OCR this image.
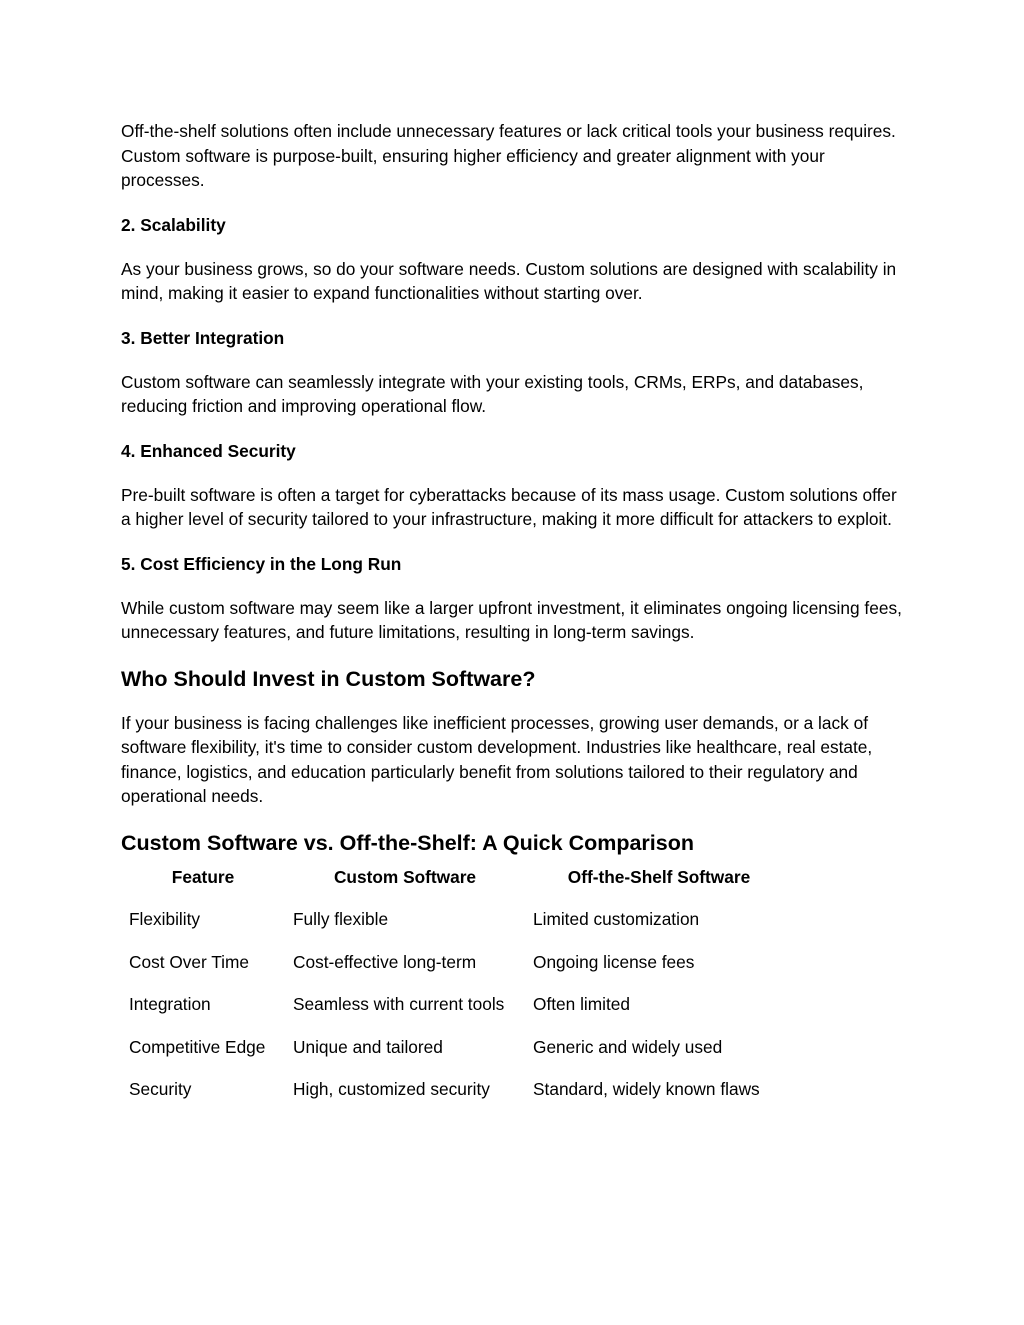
Off-the-shelf solutions often include unnecessary features or lack critical tools your business requires. Custom software is purpose-built, ensuring higher efficiency and greater alignment with your processes.

2. Scalability

As your business grows, so do your software needs. Custom solutions are designed with scalability in mind, making it easier to expand functionalities without starting over.

3. Better Integration

Custom software can seamlessly integrate with your existing tools, CRMs, ERPs, and databases, reducing friction and improving operational flow.

4. Enhanced Security

Pre-built software is often a target for cyberattacks because of its mass usage. Custom solutions offer a higher level of security tailored to your infrastructure, making it more difficult for attackers to exploit.

5. Cost Efficiency in the Long Run

While custom software may seem like a larger upfront investment, it eliminates ongoing licensing fees, unnecessary features, and future limitations, resulting in long-term savings.

Who Should Invest in Custom Software?

If your business is facing challenges like inefficient processes, growing user demands, or a lack of software flexibility, it's time to consider custom development. Industries like healthcare, real estate, finance, logistics, and education particularly benefit from solutions tailored to their regulatory and operational needs.

Custom Software vs. Off-the-Shelf: A Quick Comparison
Feature	Custom Software	Off-the-Shelf Software
Flexibility	Fully flexible	Limited customization
Cost Over Time	Cost-effective long-term	Ongoing license fees
Integration	Seamless with current tools	Often limited
Competitive Edge	Unique and tailored	Generic and widely used
Security	High, customized security	Standard, widely known flaws
